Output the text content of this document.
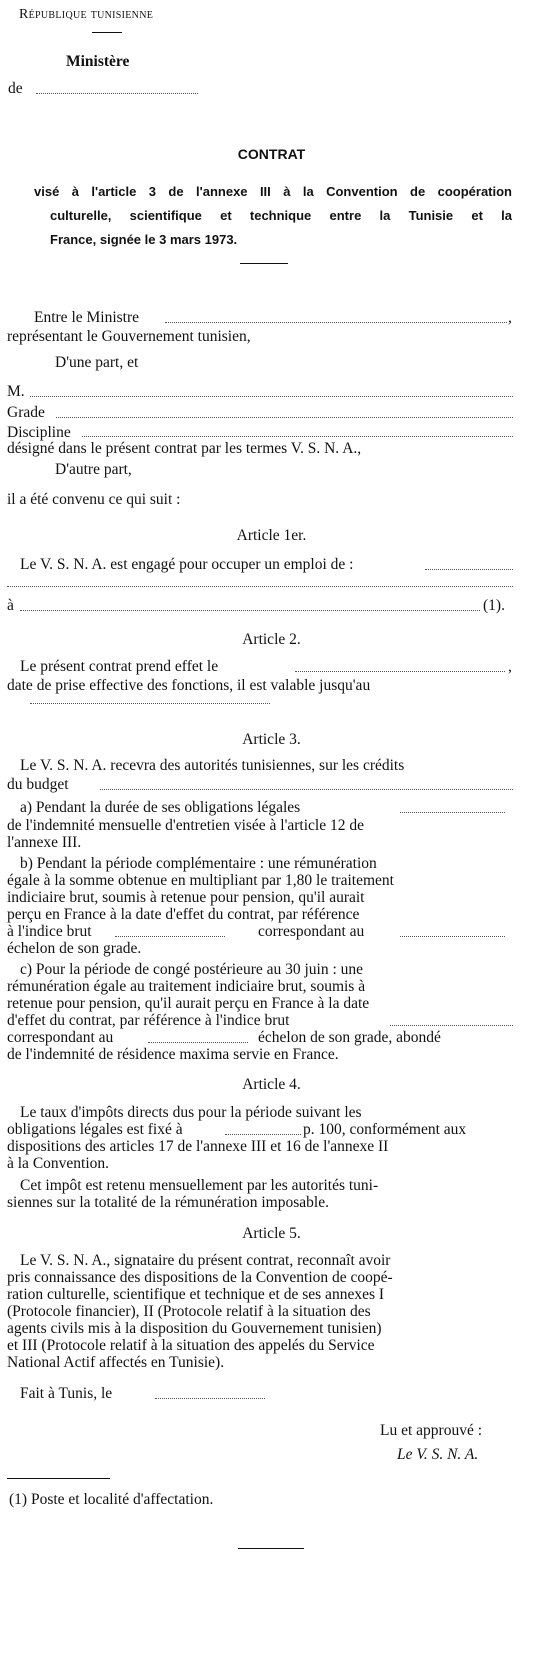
République tunisienne
Ministère
de
CONTRAT
visé à l'article 3 de l'annexe III à la Convention de coopération
culturelle, scientifique et technique entre la Tunisie et la
France, signée le 3 mars 1973.
Entre le Ministre	,
représentant le Gouvernement tunisien,
D'une part, et
M.
Grade
Discipline
désigné dans le présent contrat par les termes V. S. N. A.,
D'autre part,
il a été convenu ce qui suit :
Article 1er.
Le V. S. N. A. est engagé pour occuper un emploi de :
à	(1).
Article 2.
Le présent contrat prend effet le	,
date de prise effective des fonctions, il est valable jusqu'au
Article 3.
Le V. S. N. A. recevra des autorités tunisiennes, sur les crédits
du budget
a) Pendant la durée de ses obligations légales
de l'indemnité mensuelle d'entretien visée à l'article 12 de
l'annexe III.
b) Pendant la période complémentaire : une rémunération
égale à la somme obtenue en multipliant par 1,80 le traitement
indiciaire brut, soumis à retenue pour pension, qu'il aurait
perçu en France à la date d'effet du contrat, par référence
à l'indice brut	correspondant au
échelon de son grade.
c) Pour la période de congé postérieure au 30 juin : une
rémunération égale au traitement indiciaire brut, soumis à
retenue pour pension, qu'il aurait perçu en France à la date
d'effet du contrat, par référence à l'indice brut
correspondant au	échelon de son grade, abondé
de l'indemnité de résidence maxima servie en France.
Article 4.
Le taux d'impôts directs dus pour la période suivant les
obligations légales est fixé à	p. 100, conformément aux
dispositions des articles 17 de l'annexe III et 16 de l'annexe II
à la Convention.
Cet impôt est retenu mensuellement par les autorités tuni-
siennes sur la totalité de la rémunération imposable.
Article 5.
Le V. S. N. A., signataire du présent contrat, reconnaît avoir
pris connaissance des dispositions de la Convention de coopé-
ration culturelle, scientifique et technique et de ses annexes I
(Protocole financier), II (Protocole relatif à la situation des
agents civils mis à la disposition du Gouvernement tunisien)
et III (Protocole relatif à la situation des appelés du Service
National Actif affectés en Tunisie).
Fait à Tunis, le
Lu et approuvé :
Le V. S. N. A.
(1) Poste et localité d'affectation.
